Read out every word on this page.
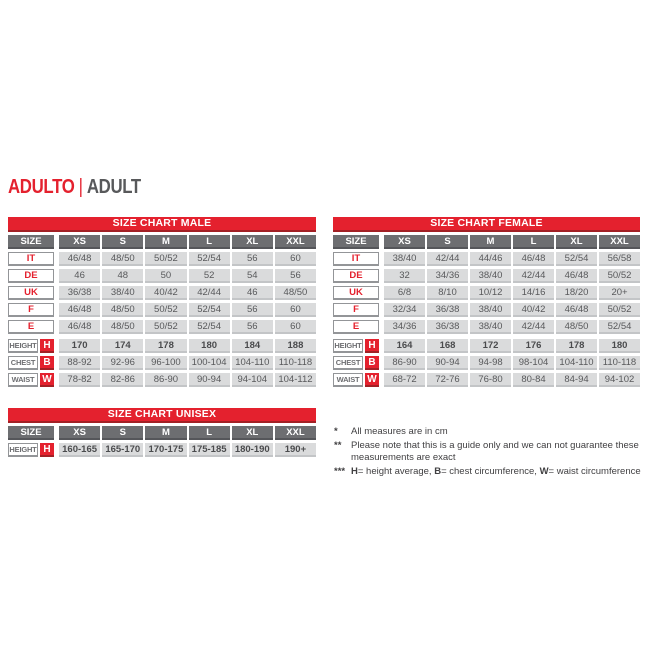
ADULTO | ADULT
SIZE CHART MALE
SIZE	XS	S	M	L	XL	XXL
IT	46/48	48/50	50/52	52/54	56	60
DE	46	48	50	52	54	56
UK	36/38	38/40	40/42	42/44	46	48/50
F	46/48	48/50	50/52	52/54	56	60
E	46/48	48/50	50/52	52/54	56	60
HEIGHT H	170	174	178	180	184	188
CHEST B	88-92	92-96	96-100	100-104 104-110 110-118
WAIST W	78-82	82-86	86-90	90-94	94-104	104-112
SIZE CHART FEMALE
SIZE	XS	S	M	L	XL	XXL
IT	38/40	42/44	44/46	46/48	52/54	56/58
DE	32	34/36	38/40	42/44	46/48	50/52
UK	6/8	8/10	10/12	14/16	18/20	20+
F	32/34	36/38	38/40	40/42	46/48	50/52
E	34/36	36/38	38/40	42/44	48/50	52/54
HEIGHT H	164	168	172	176	178	180
CHEST B	86-90	90-94	94-98	98-104	104-110 110-118
WAIST W	68-72	72-76	76-80	80-84	84-94	94-102
SIZE CHART UNISEX
SIZE	XS	S	M	L	XL	XXL
HEIGHT H	160-165 165-170 170-175 175-185 180-190	190+
*	All measures are in cm
**	Please note that this is a guide only and we can not guarantee these measurements are exact
*** H= height average, B= chest circumference, W= waist circumference
